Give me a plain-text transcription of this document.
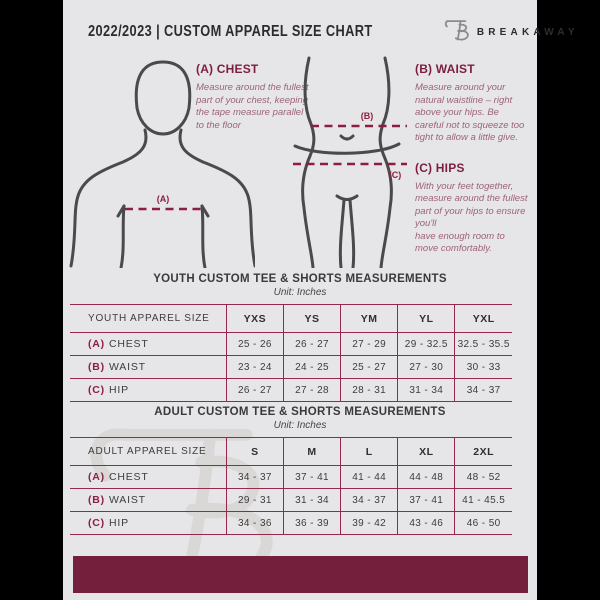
2022/2023 | CUSTOM APPAREL SIZE CHART	BREAKAWAY
(A)

(A) CHEST

Measure around the fullest part of your chest, keeping the tape measure parallel to the floor

(B)
(C)

(B) WAIST

Measure around your natural waistline – right above your hips. Be careful not to squeeze too tight to allow a little give.

(C) HIPS

With your feet together, measure around the fullest part of your hips to ensure you'll

have enough room to move comfortably.

YOUTH CUSTOM TEE & SHORTS MEASUREMENTS
Unit: Inches
YOUTH APPAREL SIZE	YXS	YS	YM	YL	YXL
(A) CHEST	25 - 26	26 - 27	27 - 29	29 - 32.5	32.5 - 35.5
(B) WAIST	23 - 24	24 - 25	25 - 27	27 - 30	30 - 33
(C) HIP	26 - 27	27 - 28	28 - 31	31 - 34	34 - 37
ADULT CUSTOM TEE & SHORTS MEASUREMENTS
Unit: Inches
ADULT APPAREL SIZE	S	M	L	XL	2XL
(A) CHEST	34 - 37	37 - 41	41 - 44	44 - 48	48 - 52
(B) WAIST	29 - 31	31 - 34	34 - 37	37 - 41	41 - 45.5
(C) HIP	34 - 36	36 - 39	39 - 42	43 - 46	46 - 50
